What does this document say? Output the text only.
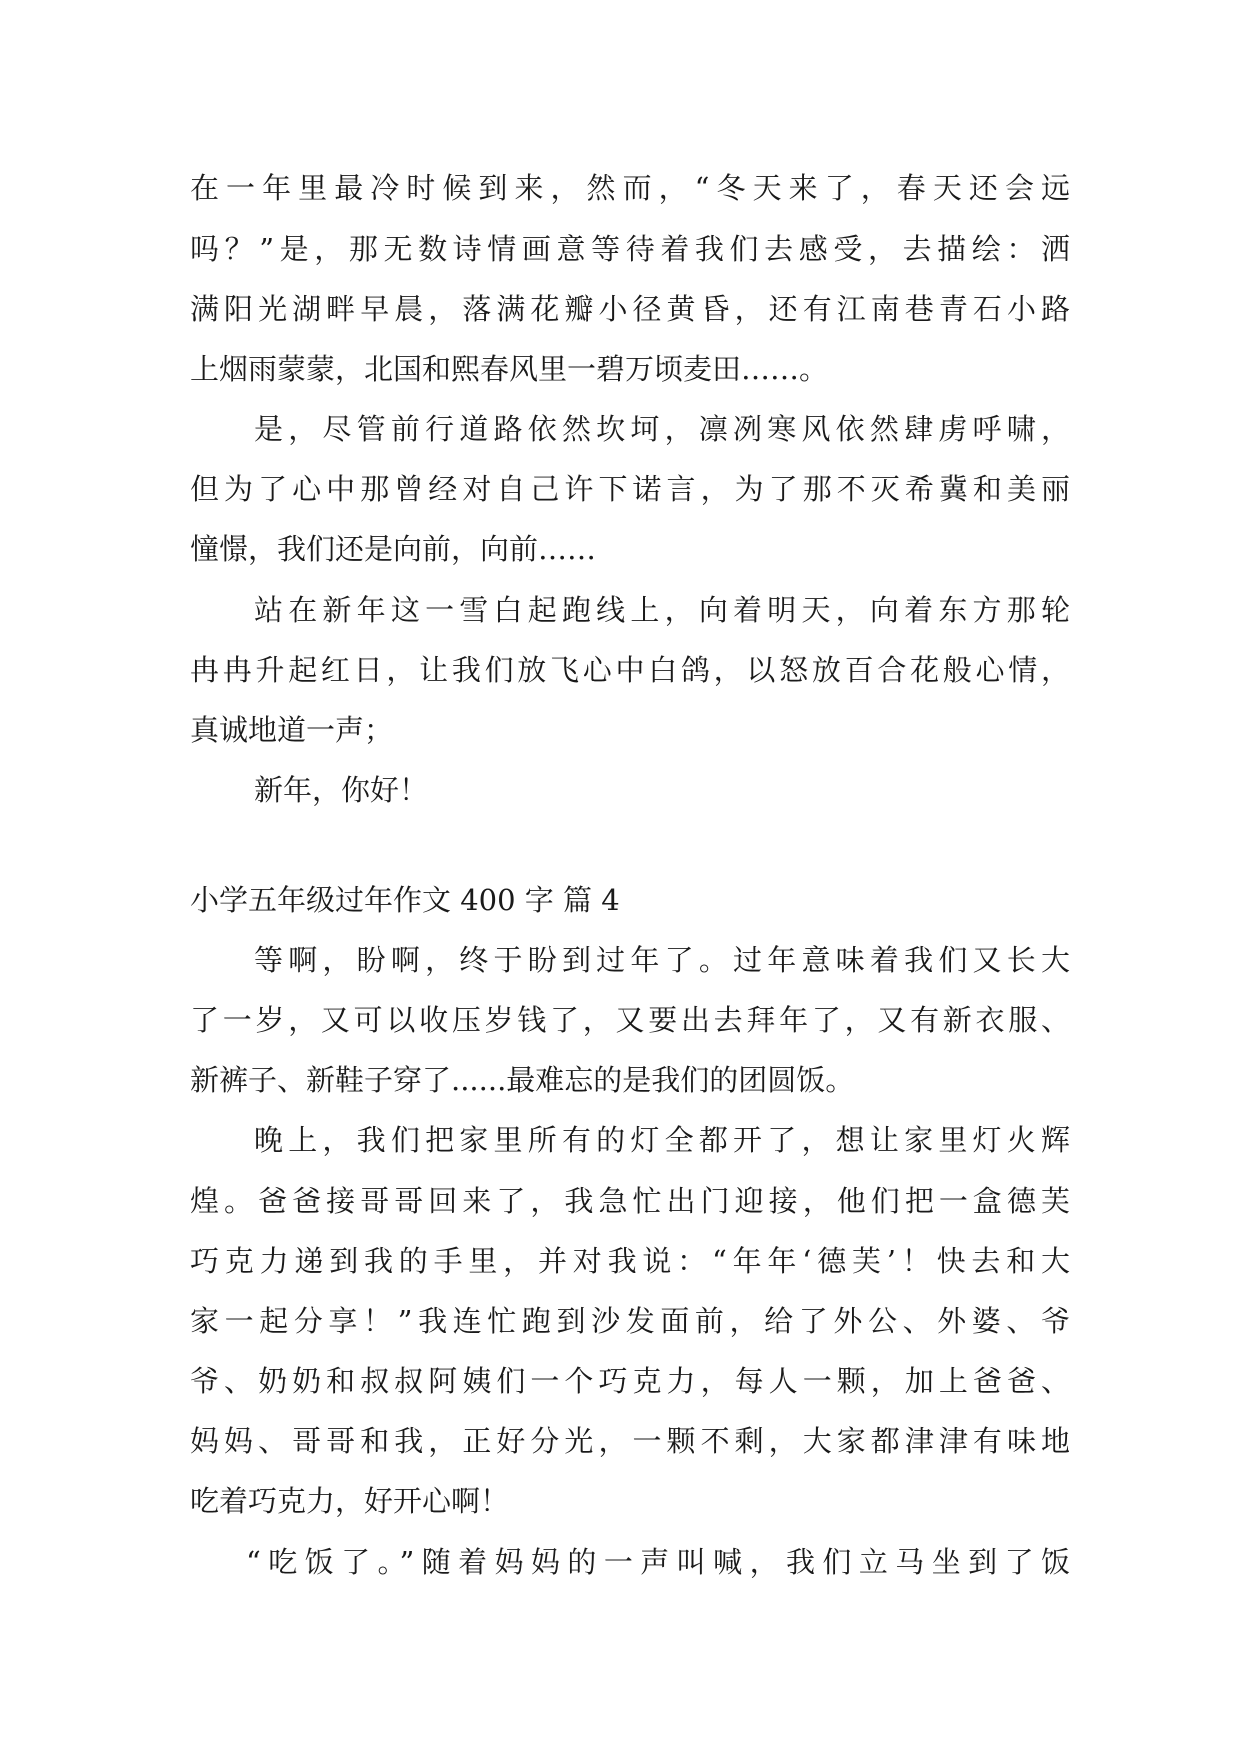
在一年里最冷时候到来，然而，“冬天来了，春天还会远
吗？”是，那无数诗情画意等待着我们去感受，去描绘：洒
满阳光湖畔早晨，落满花瓣小径黄昏，还有江南巷青石小路
上烟雨蒙蒙，北国和熙春风里一碧万顷麦田……。
是，尽管前行道路依然坎坷，凛冽寒风依然肆虏呼啸，
但为了心中那曾经对自己许下诺言，为了那不灭希冀和美丽
憧憬，我们还是向前，向前……
站在新年这一雪白起跑线上，向着明天，向着东方那轮
冉冉升起红日，让我们放飞心中白鸽，以怒放百合花般心情，
真诚地道一声；
新年，你好！
小学五年级过年作文 400 字 篇 4
等啊，盼啊，终于盼到过年了。过年意味着我们又长大
了一岁，又可以收压岁钱了，又要出去拜年了，又有新衣服、
新裤子、新鞋子穿了......最难忘的是我们的团圆饭。
晚上，我们把家里所有的灯全都开了，想让家里灯火辉
煌。爸爸接哥哥回来了，我急忙出门迎接，他们把一盒德芙
巧克力递到我的手里，并对我说：“年年‘德芙’！快去和大
家一起分享！”我连忙跑到沙发面前，给了外公、外婆、爷
爷、奶奶和叔叔阿姨们一个巧克力，每人一颗，加上爸爸、
妈妈、哥哥和我，正好分光，一颗不剩，大家都津津有味地
吃着巧克力，好开心啊！
“吃饭了。”随着妈妈的一声叫喊，我们立马坐到了饭
